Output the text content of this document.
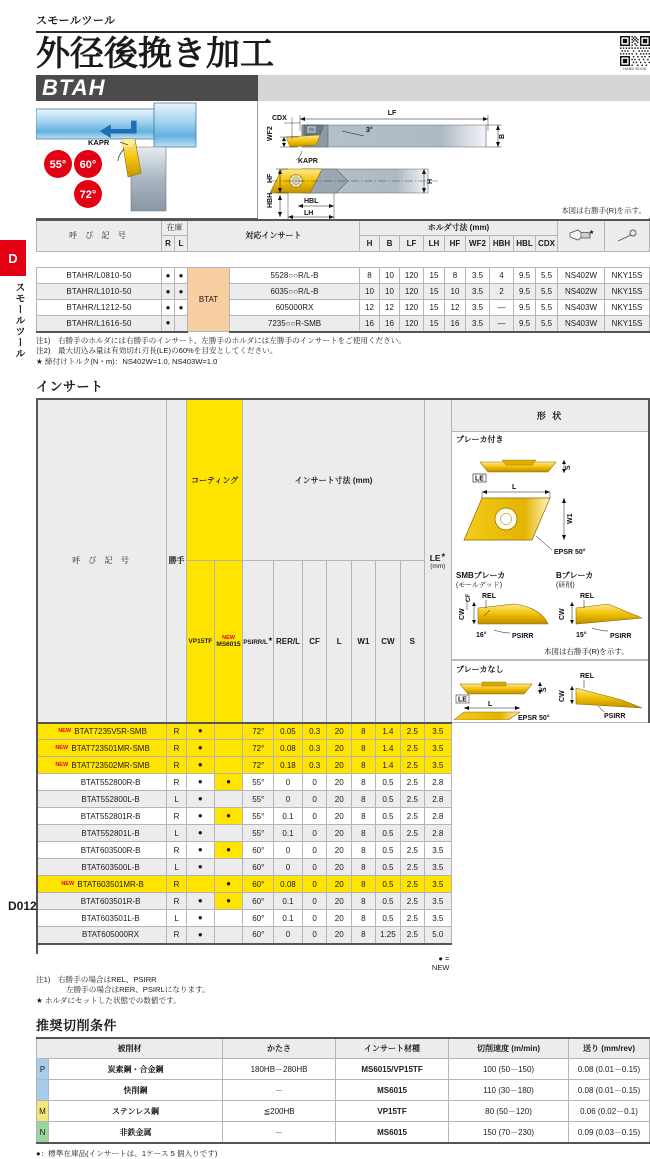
D
スモールツール
スモールツール
外径後挽き加工	HAND BOOK
BTAH
KAPR
55° 60°
72°
LF
3°
B
CDX
WF2
KAPR
H
HF
HBH	HBL
LH	本図は右勝手(R)を示す。
呼 び 記 号	在庫		対応インサート		ホルダ寸法 (mm)									★

	R	L			H	B	LF	LH	HF	WF2	HBH	HBL	CDX		

BTAHR/L0810-50	●	●	BTAT	5528○○R/L-B	8	10	120	15	8	3.5	4	9.5	5.5	NS402W	NKY15S
BTAHR/L1010-50	●	●		6035○○R/L-B	10	10	120	15	10	3.5	2	9.5	5.5	NS402W	NKY15S
BTAHR/L1212-50	●	●		605000RX	12	12	120	15	12	3.5	—	9.5	5.5	NS403W	NKY15S
BTAHR/L1616-50	●			7235○○R-SMB	16	16	120	15	16	3.5	—	9.5	5.5	NS403W	NKY15S
注1)　右勝手のホルダには右勝手のインサート、左勝手のホルダには左勝手のインサートをご使用ください。
注2)　最大切込み量は有効切れ刃長(LE)の60%を目安としてください。
★ 締付けトルク(N・m)：NS402W=1.0, NS403W=1.0
インサート
呼 び 記 号	勝手	コーティング	インサート寸法 (mm)	
LE★
(mm)

形 状
ブレーカ付き
LE
S
L
W1
EPSR 50°
SMBブレーカ
(モールデッド)
Bブレーカ
(研削)
CW
CF REL
16°	PSIRR
CW
REL
15°	PSIRR
本図は右勝手(R)を示す。
ブレーカなし
LE
S
L
REL
CW
PSIRR
EPSR 50°

		VP15TF	NEW
MS6015	PSIRR/L★	RER/L	CF	L	W1	CW	S		
NEW BTAT7235V5R-SMB	R	●		72°	0.05	0.3	20	8	1.4	2.5	3.5	
NEW BTAT723501MR-SMB	R	●		72°	0.08	0.3	20	8	1.4	2.5	3.5	
NEW BTAT723502MR-SMB	R	●		72°	0.18	0.3	20	8	1.4	2.5	3.5	
BTAT552800R-B	R	●	●	55°	0	0	20	8	0.5	2.5	2.8	
BTAT552800L-B	L	●		55°	0	0	20	8	0.5	2.5	2.8	
BTAT552801R-B	R	●	●	55°	0.1	0	20	8	0.5	2.5	2.8	
BTAT552801L-B	L	●		55°	0.1	0	20	8	0.5	2.5	2.8	
BTAT603500R-B	R	●	●	60°	0	0	20	8	0.5	2.5	3.5	
BTAT603500L-B	L	●		60°	0	0	20	8	0.5	2.5	3.5	
NEW BTAT603501MR-B	R		●	60°	0.08	0	20	8	0.5	2.5	3.5	
BTAT603501R-B	R	●	●	60°	0.1	0	20	8	0.5	2.5	3.5	
BTAT603501L-B	L	●		60°	0.1	0	20	8	0.5	2.5	3.5	
BTAT605000RX	R	●		60°	0	0	20	8	1.25	2.5	5.0	

											● = NEW	
注1)　右勝手の場合はREL、PSIRR
左勝手の場合はRER、PSIRLになります。
★ ホルダにセットした状態での数値です。
推奨切削条件
被削材		かたさ	インサート材種	切削速度 (m/min)	送り (mm/rev)
P	炭素鋼・合金鋼	180HB－280HB	MS6015/VP15TF	100 (50－150)	0.08 (0.01－0.15)
	快削鋼	－	MS6015	110 (30－180)	0.08 (0.01－0.15)
M	ステンレス鋼	≦200HB	VP15TF	80 (50－120)	0.06 (0.02－0.1)
N	非鉄金属	－	MS6015	150 (70－230)	0.09 (0.03－0.15)
●：標準在庫品(インサートは、1ケース 5 個入りです)
D012
